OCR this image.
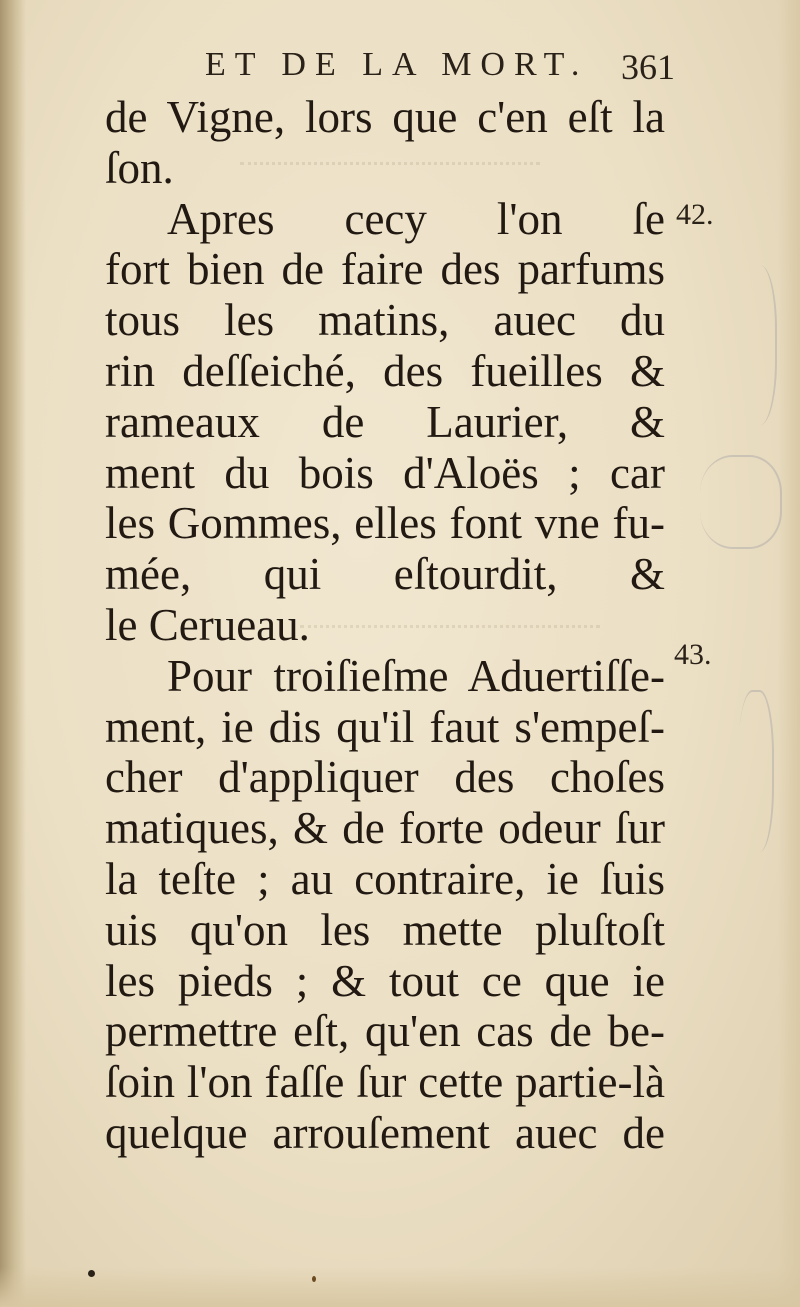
ET DE LA MORT. 361
de Vigne, lors que c'en eſt la
ſon.
Apres cecy l'on ſe
fort bien de faire des parfums
tous les matins, auec du
rin deſſeiché, des fueilles &
rameaux de Laurier, &
ment du bois d'Aloës ; car
les Gommes, elles font vne fu-
mée, qui eſtourdit, &
le Cerueau.
Pour troiſieſme Aduertiſſe-
ment, ie dis qu'il faut s'empeſ-
cher d'appliquer des choſes
matiques, & de forte odeur ſur
la teſte ; au contraire, ie ſuis
uis qu'on les mette pluſtoſt
les pieds ; & tout ce que ie
permettre eſt, qu'en cas de be-
ſoin l'on faſſe ſur cette partie-là
quelque arrouſement auec de
42.
43.
